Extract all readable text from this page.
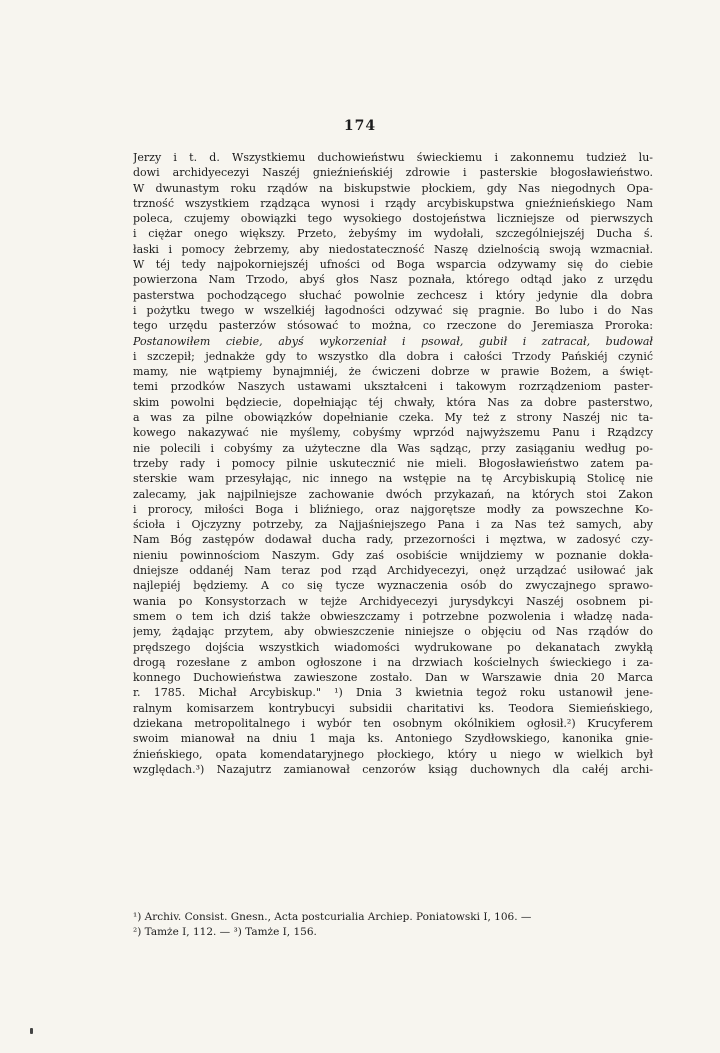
174
Jerzy i t. d. Wszystkiemu duchowieństwu świeckiemu i zakonnemu tudzież lu-
dowi archidyecezyi Naszéj gnieźnieńskiéj zdrowie i pasterskie błogosławieństwo.
W dwunastym roku rządów na biskupstwie płockiem, gdy Nas niegodnych Opa-
trzność wszystkiem rządząca wynosi i rządy arcybiskupstwa gnieźnieńskiego Nam
poleca, czujemy obowiązki tego wysokiego dostojeństwa liczniejsze od pierwszych
i ciężar onego większy. Przeto, żebyśmy im wydołali, szczególniejszéj Ducha ś.
łaski i pomocy żebrzemy, aby niedostateczność Naszę dzielnością swoją wzmacniał.
W téj tedy najpokorniejszéj ufności od Boga wsparcia odzywamy się do ciebie
powierzona Nam Trzodo, abyś głos Nasz poznała, którego odtąd jako z urzędu
pasterstwa pochodzącego słuchać powolnie zechcesz i który jedynie dla dobra
i pożytku twego w wszelkiéj łagodności odzywać się pragnie. Bo lubo i do Nas
tego urzędu pasterzów stósować to można, co rzeczone do Jeremiasza Proroka:
Postanowiłem ciebie, abyś wykorzeniał i psował, gubił i zatracał, budował
i szczepił; jednakże gdy to wszystko dla dobra i całości Trzody Pańskiéj czynić
mamy, nie wątpiemy bynajmniéj, że ćwiczeni dobrze w prawie Bożem, a święt-
temi przodków Naszych ustawami ukształceni i takowym rozrządzeniom paster-
skim powolni będziecie, dopełniając téj chwały, która Nas za dobre pasterstwo,
a was za pilne obowiązków dopełnianie czeka. My też z strony Naszéj nic ta-
kowego nakazywać nie myślemy, cobyśmy wprzód najwyższemu Panu i Rządzcy
nie polecili i cobyśmy za użyteczne dla Was sądząc, przy zasiąganiu według po-
trzeby rady i pomocy pilnie uskutecznić nie mieli. Błogosławieństwo zatem pa-
sterskie wam przesyłając, nic innego na wstępie na tę Arcybiskupią Stolicę nie
zalecamy, jak najpilniejsze zachowanie dwóch przykazań, na których stoi Zakon
i prorocy, miłości Boga i bliźniego, oraz najgorętsze modły za powszechne Ko-
ścioła i Ojczyzny potrzeby, za Najjaśniejszego Pana i za Nas też samych, aby
Nam Bóg zastępów dodawał ducha rady, przezorności i męztwa, w zadosyć czy-
nieniu powinnościom Naszym. Gdy zaś osobiście wnijdziemy w poznanie dokła-
dniejsze oddanéj Nam teraz pod rząd Archidyecezyi, onęż urządzać usiłować jak
najlepiéj będziemy. A co się tycze wyznaczenia osób do zwyczajnego sprawo-
wania po Konsystorzach w tejże Archidyecezyi jurysdykcyi Naszéj osobnem pi-
smem o tem ich dziś także obwieszczamy i potrzebne pozwolenia i władzę nada-
jemy, żądając przytem, aby obwieszczenie niniejsze o objęciu od Nas rządów do
prędszego dojścia wszystkich wiadomości wydrukowane po dekanatach zwykłą
drogą rozesłane z ambon ogłoszone i na drzwiach kościelnych świeckiego i za-
konnego Duchowieństwa zawieszone zostało. Dan w Warszawie dnia 20 Marca
r. 1785. Michał Arcybiskup." ¹) Dnia 3 kwietnia tegoż roku ustanowił jene-
ralnym komisarzem kontrybucyi subsidii charitativi ks. Teodora Siemieńskiego,
dziekana metropolitalnego i wybór ten osobnym okólnikiem ogłosił.²) Krucyferem
swoim mianował na dniu 1 maja ks. Antoniego Szydłowskiego, kanonika gnie-
źnieńskiego, opata komendataryjnego płockiego, który u niego w wielkich był
względach.³) Nazajutrz zamianował cenzorów ksiąg duchownych dla całéj archi-
¹) Archiv. Consist. Gnesn., Acta postcurialia Archiep. Poniatowski I, 106. —
²) Tamże I, 112. — ³) Tamże I, 156.
